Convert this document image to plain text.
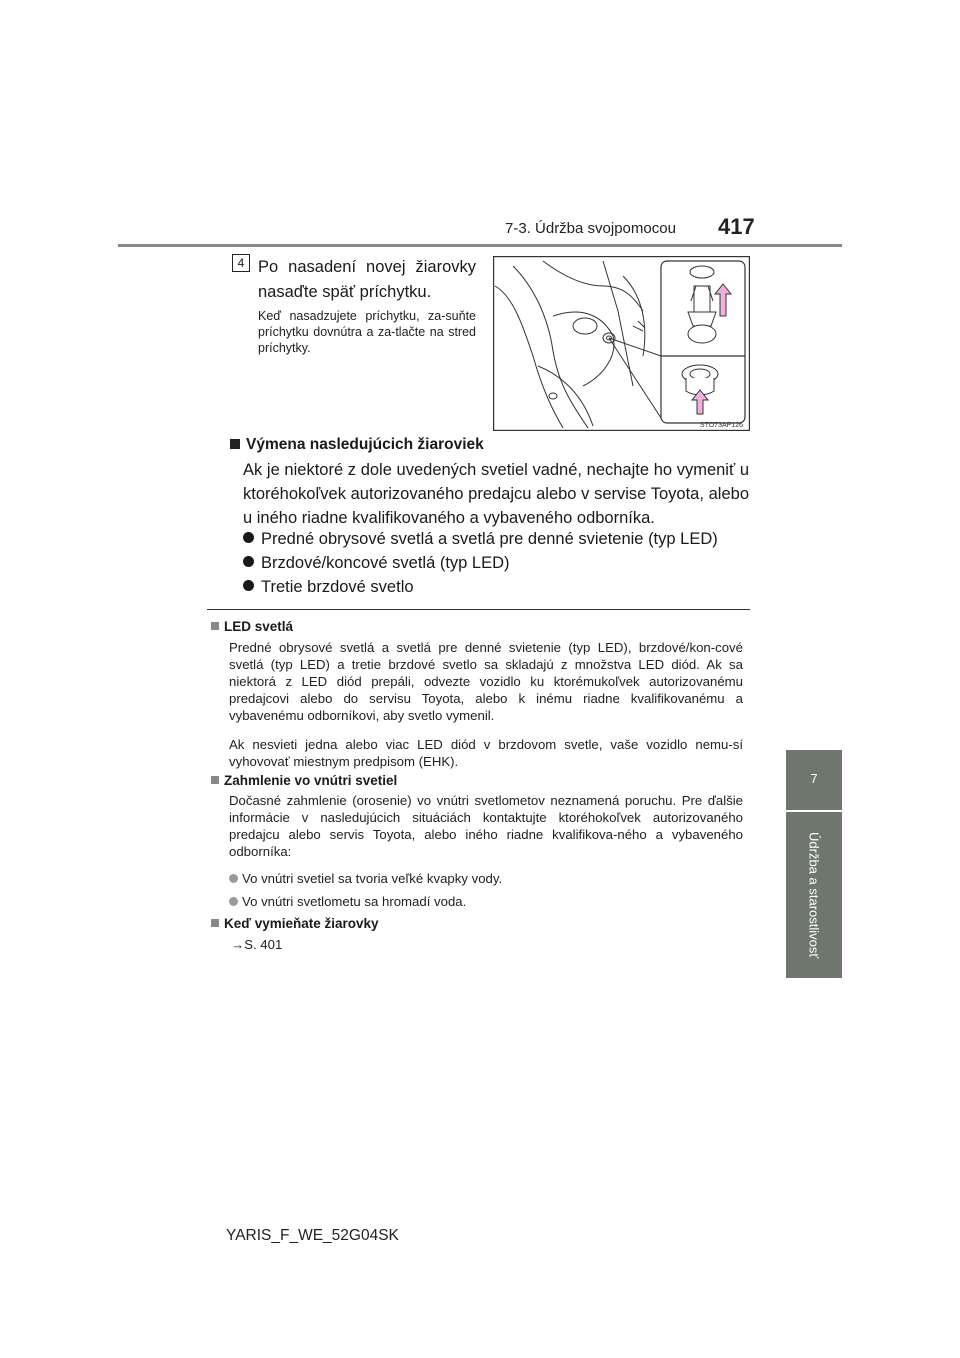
7-3. Údržba svojpomocou 417
7
Údržba a starostlivosť
4 Po nasadení novej žiarovky nasaďte späť príchytku.
Keď nasadzujete príchytku, za-suňte príchytku dovnútra a za-tlačte na stred príchytky.
STO73AP126
Výmena nasledujúcich žiaroviek
Ak je niektoré z dole uvedených svetiel vadné, nechajte ho vymeniť u ktoréhokoľvek autorizovaného predajcu alebo v servise Toyota, alebo u iného riadne kvalifikovaného a vybaveného odborníka.
Predné obrysové svetlá a svetlá pre denné svietenie (typ LED)
Brzdové/koncové svetlá (typ LED)
Tretie brzdové svetlo
LED svetlá
Predné obrysové svetlá a svetlá pre denné svietenie (typ LED), brzdové/kon-cové svetlá (typ LED) a tretie brzdové svetlo sa skladajú z množstva LED diód. Ak sa niektorá z LED diód prepáli, odvezte vozidlo ku ktorémukoľvek autorizovanému predajcovi alebo do servisu Toyota, alebo k inému riadne kvalifikovanému a vybavenému odborníkovi, aby svetlo vymenil.
Ak nesvieti jedna alebo viac LED diód v brzdovom svetle, vaše vozidlo nemu-sí vyhovovať miestnym predpisom (EHK).
Zahmlenie vo vnútri svetiel
Dočasné zahmlenie (orosenie) vo vnútri svetlometov neznamená poruchu. Pre ďalšie informácie v nasledujúcich situáciách kontaktujte ktoréhokoľvek autorizovaného predajcu alebo servis Toyota, alebo iného riadne kvalifikova-ného a vybaveného odborníka:
Vo vnútri svetiel sa tvoria veľké kvapky vody.
Vo vnútri svetlometu sa hromadí voda.
Keď vymieňate žiarovky
→S. 401
YARIS_F_WE_52G04SK
